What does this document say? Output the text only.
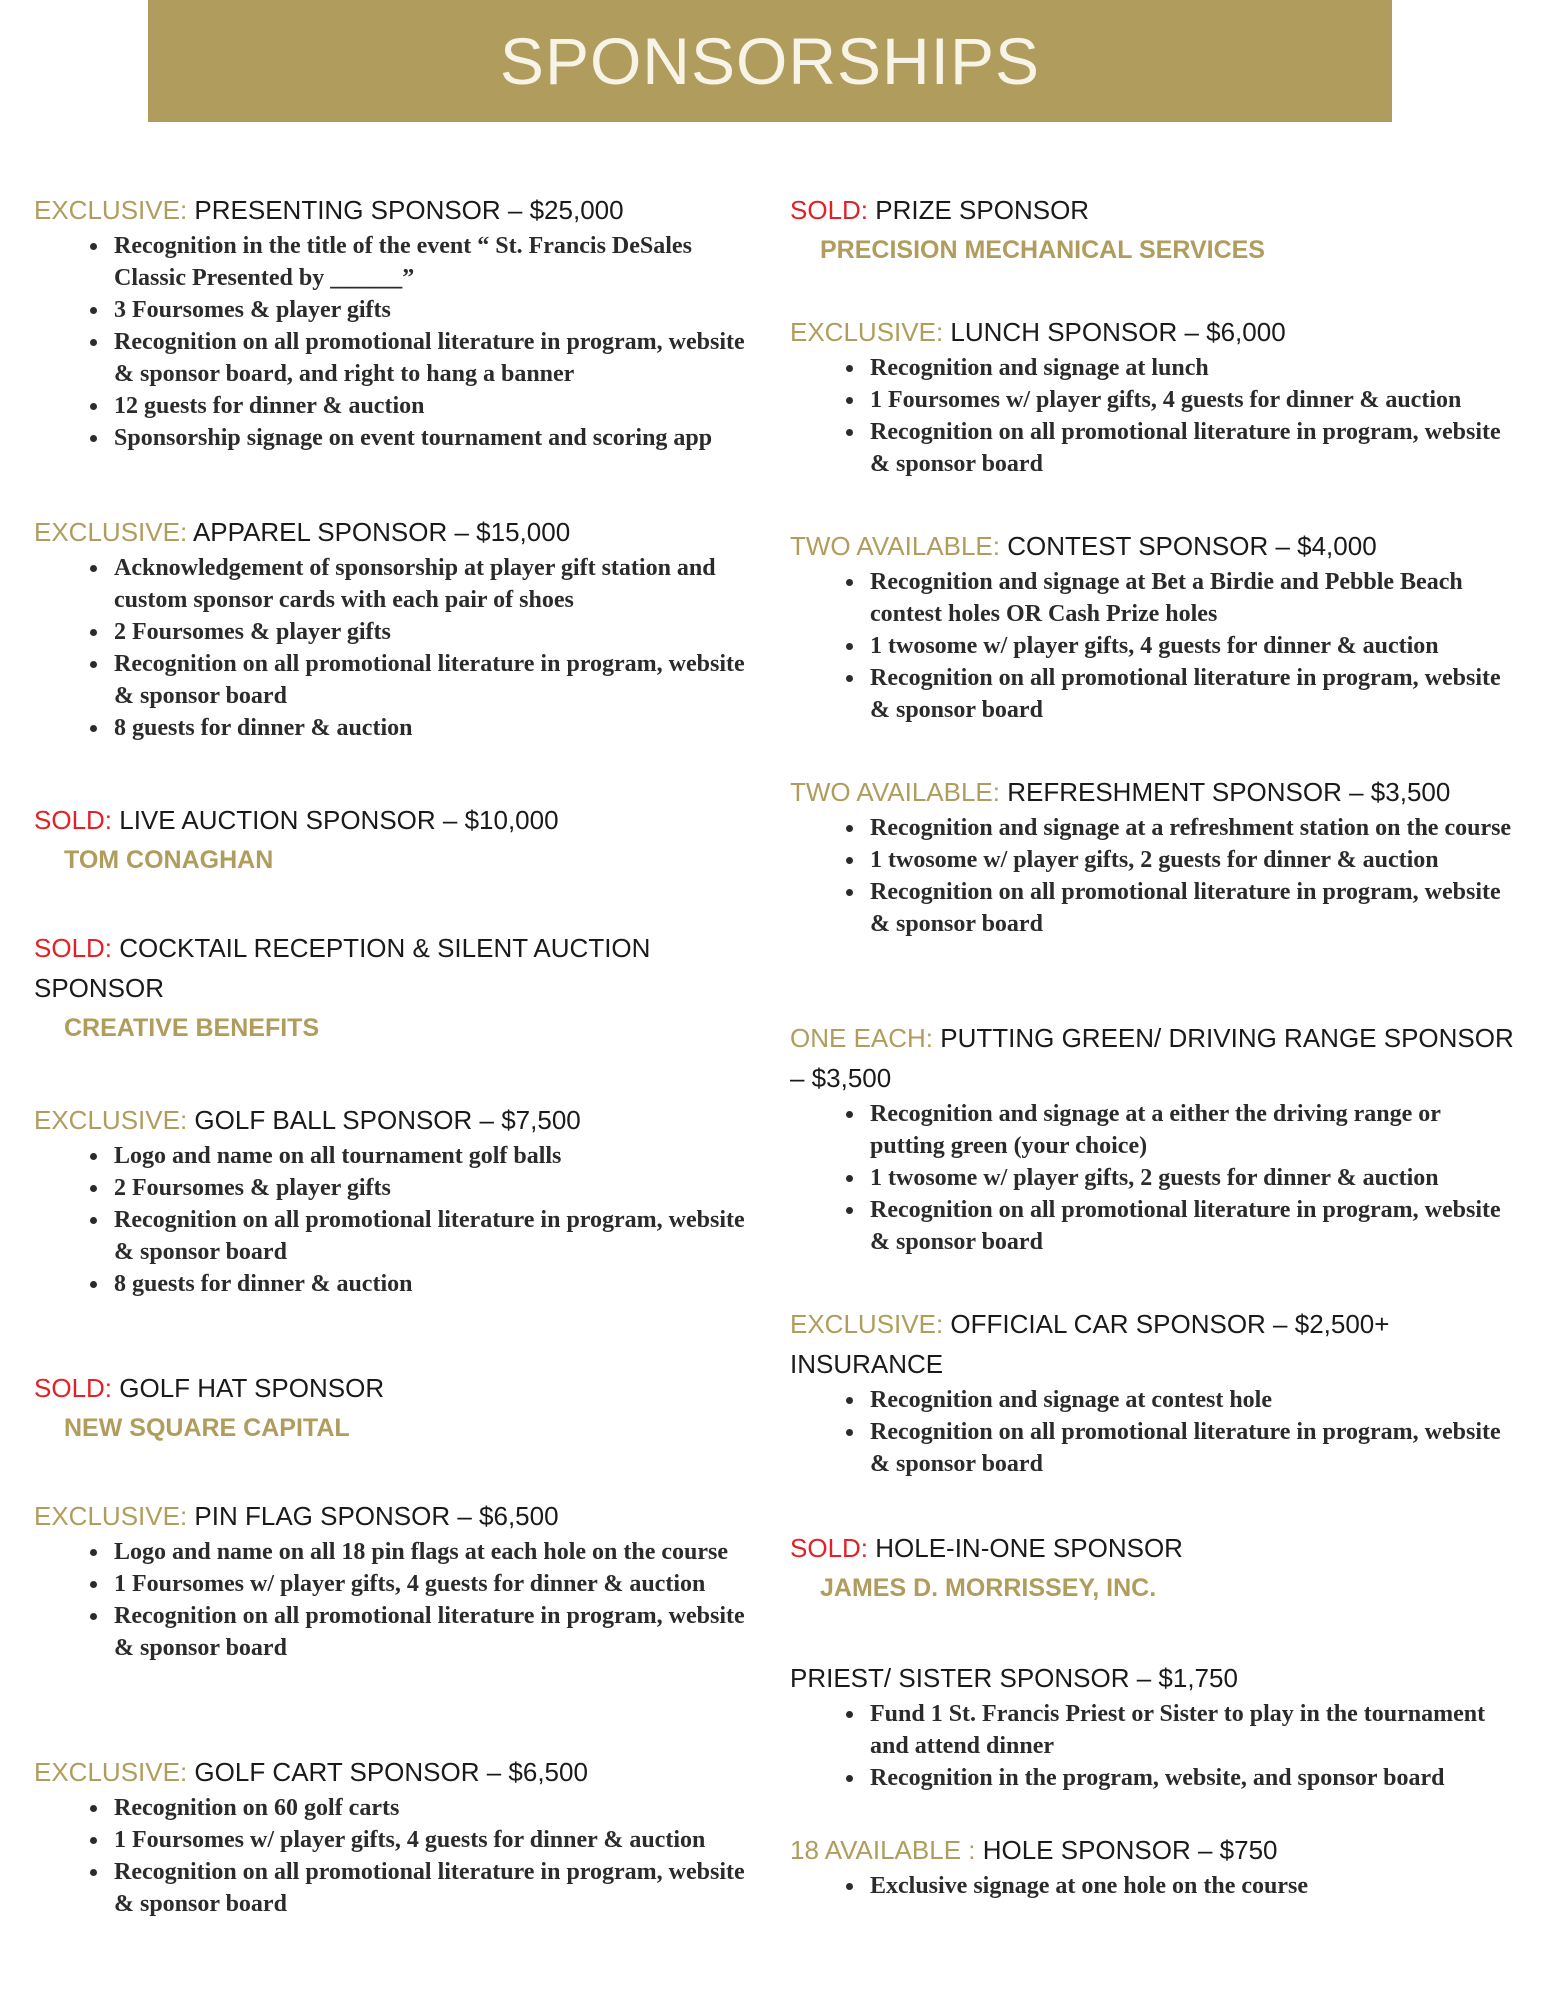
SPONSORSHIPS

EXCLUSIVE: PRESENTING SPONSOR – $25,000

• Recognition in the title of the event “ St. Francis DeSales Classic Presented by ______”
• 3 Foursomes & player gifts
• Recognition on all promotional literature in program, website & sponsor board, and right to hang a banner
• 12 guests for dinner & auction
• Sponsorship signage on event tournament and scoring app

EXCLUSIVE: APPAREL SPONSOR – $15,000

• Acknowledgement of sponsorship at player gift station and custom sponsor cards with each pair of shoes
• 2 Foursomes & player gifts
• Recognition on all promotional literature in program, website & sponsor board
• 8 guests for dinner & auction

SOLD: LIVE AUCTION SPONSOR – $10,000

TOM CONAGHAN

SOLD: COCKTAIL RECEPTION & SILENT AUCTION SPONSOR

CREATIVE BENEFITS

EXCLUSIVE: GOLF BALL SPONSOR – $7,500

• Logo and name on all tournament golf balls
• 2 Foursomes & player gifts
• Recognition on all promotional literature in program, website & sponsor board
• 8 guests for dinner & auction

SOLD: GOLF HAT SPONSOR

NEW SQUARE CAPITAL

EXCLUSIVE: PIN FLAG SPONSOR – $6,500

• Logo and name on all 18 pin flags at each hole on the course
• 1 Foursomes w/ player gifts, 4 guests for dinner & auction
• Recognition on all promotional literature in program, website & sponsor board

EXCLUSIVE: GOLF CART SPONSOR – $6,500

• Recognition on 60 golf carts
• 1 Foursomes w/ player gifts, 4 guests for dinner & auction
• Recognition on all promotional literature in program, website & sponsor board

SOLD: PRIZE SPONSOR

PRECISION MECHANICAL SERVICES

EXCLUSIVE: LUNCH SPONSOR – $6,000

• Recognition and signage at lunch
• 1 Foursomes w/ player gifts, 4 guests for dinner & auction
• Recognition on all promotional literature in program, website & sponsor board

TWO AVAILABLE: CONTEST SPONSOR – $4,000

• Recognition and signage at Bet a Birdie and Pebble Beach contest holes OR Cash Prize holes
• 1 twosome w/ player gifts, 4 guests for dinner & auction
• Recognition on all promotional literature in program, website & sponsor board

TWO AVAILABLE: REFRESHMENT SPONSOR – $3,500

• Recognition and signage at a refreshment station on the course
• 1 twosome w/ player gifts, 2 guests for dinner & auction
• Recognition on all promotional literature in program, website & sponsor board

ONE EACH: PUTTING GREEN/ DRIVING RANGE SPONSOR – $3,500

• Recognition and signage at a either the driving range or putting green (your choice)
• 1 twosome w/ player gifts, 2 guests for dinner & auction
• Recognition on all promotional literature in program, website & sponsor board

EXCLUSIVE: OFFICIAL CAR SPONSOR – $2,500+ INSURANCE

• Recognition and signage at contest hole
• Recognition on all promotional literature in program, website & sponsor board

SOLD: HOLE-IN-ONE SPONSOR

JAMES D. MORRISSEY, INC.

PRIEST/ SISTER SPONSOR – $1,750

• Fund 1 St. Francis Priest or Sister to play in the tournament and attend dinner
• Recognition in the program, website, and sponsor board

18 AVAILABLE : HOLE SPONSOR – $750

• Exclusive signage at one hole on the course
